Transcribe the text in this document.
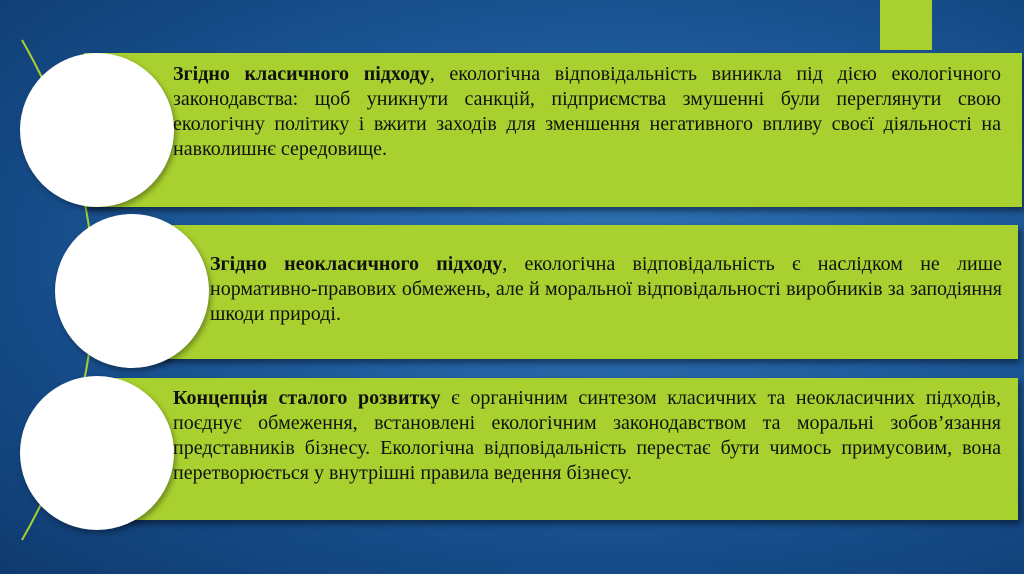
Згідно класичного підходу, екологічна відповідальність виникла під дією екологічного законодавства: щоб уникнути санкцій, підприємства змушенні були переглянути свою екологічну політику і вжити заходів для зменшення негативного впливу своєї діяльності на навколишнє середовище.
Згідно неокласичного підходу, екологічна відповідальність є наслідком не лише нормативно-правових обмежень, але й моральної відповідальності виробників за заподіяння шкоди природі.
Концепція сталого розвитку є органічним синтезом класичних та неокласичних підходів, поєднує обмеження, встановлені екологічним законодавством та моральні зобов’язання представників бізнесу. Екологічна відповідальність перестає бути чимось примусовим, вона перетворюється у внутрішні правила ведення бізнесу.
